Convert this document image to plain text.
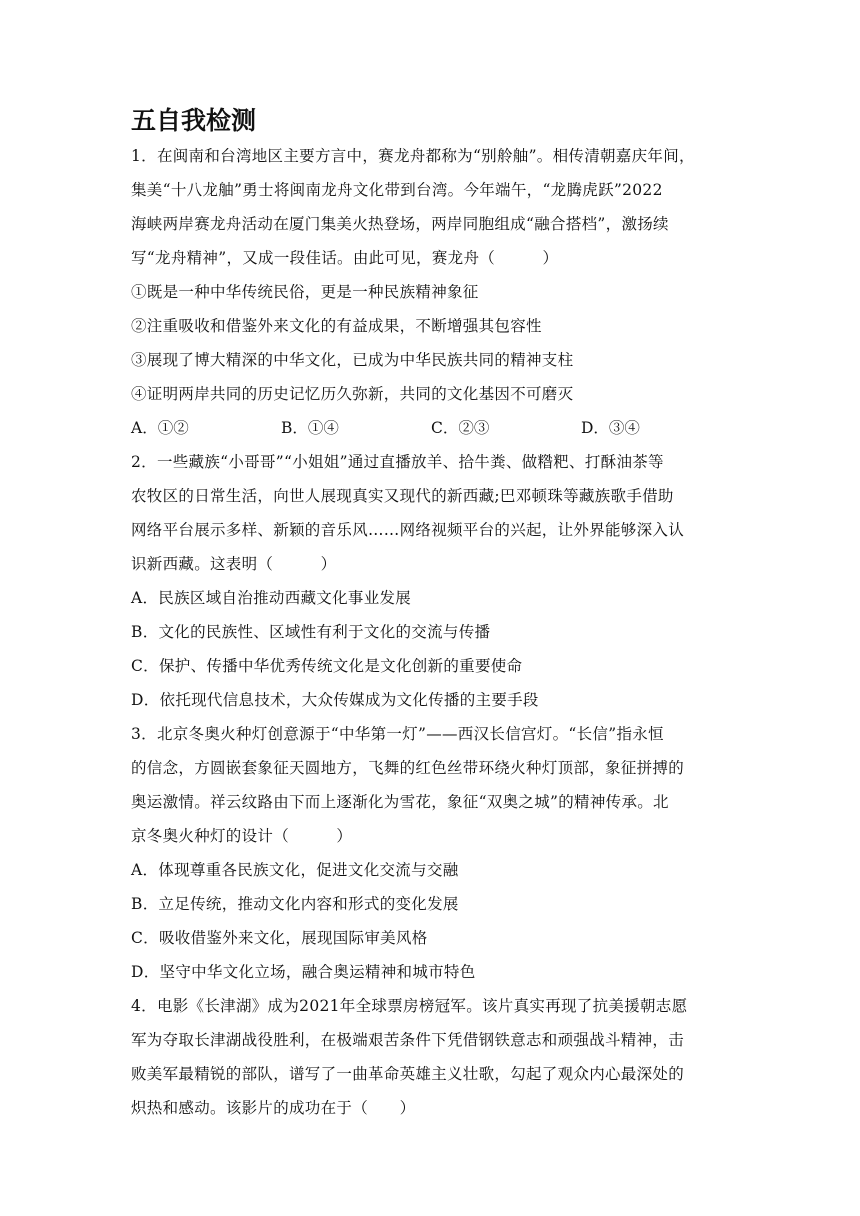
五自我检测
1．在闽南和台湾地区主要方言中，赛龙舟都称为“别舲舳”。相传清朝嘉庆年间，
集美“十八龙舳”勇士将闽南龙舟文化带到台湾。今年端午，“龙腾虎跃”2022
海峡两岸赛龙舟活动在厦门集美火热登场，两岸同胞组成“融合搭档”，激扬续
写“龙舟精神”，又成一段佳话。由此可见，赛龙舟（　　　）
①既是一种中华传统民俗，更是一种民族精神象征
②注重吸收和借鉴外来文化的有益成果，不断增强其包容性
③展现了博大精深的中华文化，已成为中华民族共同的精神支柱
④证明两岸共同的历史记忆历久弥新，共同的文化基因不可磨灭
A．①②	B．①④	C．②③	D．③④
2．一些藏族“小哥哥”“小姐姐”通过直播放羊、拾牛粪、做糌粑、打酥油茶等
农牧区的日常生活，向世人展现真实又现代的新西藏;巴邓顿珠等藏族歌手借助
网络平台展示多样、新颖的音乐风……网络视频平台的兴起，让外界能够深入认
识新西藏。这表明（　　　）
A．民族区域自治推动西藏文化事业发展
B．文化的民族性、区域性有利于文化的交流与传播
C．保护、传播中华优秀传统文化是文化创新的重要使命
D．依托现代信息技术，大众传媒成为文化传播的主要手段
3．北京冬奥火种灯创意源于“中华第一灯”——西汉长信宫灯。“长信”指永恒
的信念，方圆嵌套象征天圆地方，飞舞的红色丝带环绕火种灯顶部，象征拼搏的
奥运激情。祥云纹路由下而上逐渐化为雪花，象征“双奥之城”的精神传承。北
京冬奥火种灯的设计（　　　）
A．体现尊重各民族文化，促进文化交流与交融
B．立足传统，推动文化内容和形式的变化发展
C．吸收借鉴外来文化，展现国际审美风格
D．坚守中华文化立场，融合奥运精神和城市特色
4．电影《长津湖》成为2021年全球票房榜冠军。该片真实再现了抗美援朝志愿
军为夺取长津湖战役胜利，在极端艰苦条件下凭借钢铁意志和顽强战斗精神，击
败美军最精锐的部队，谱写了一曲革命英雄主义壮歌，勾起了观众内心最深处的
炽热和感动。该影片的成功在于（　　）
